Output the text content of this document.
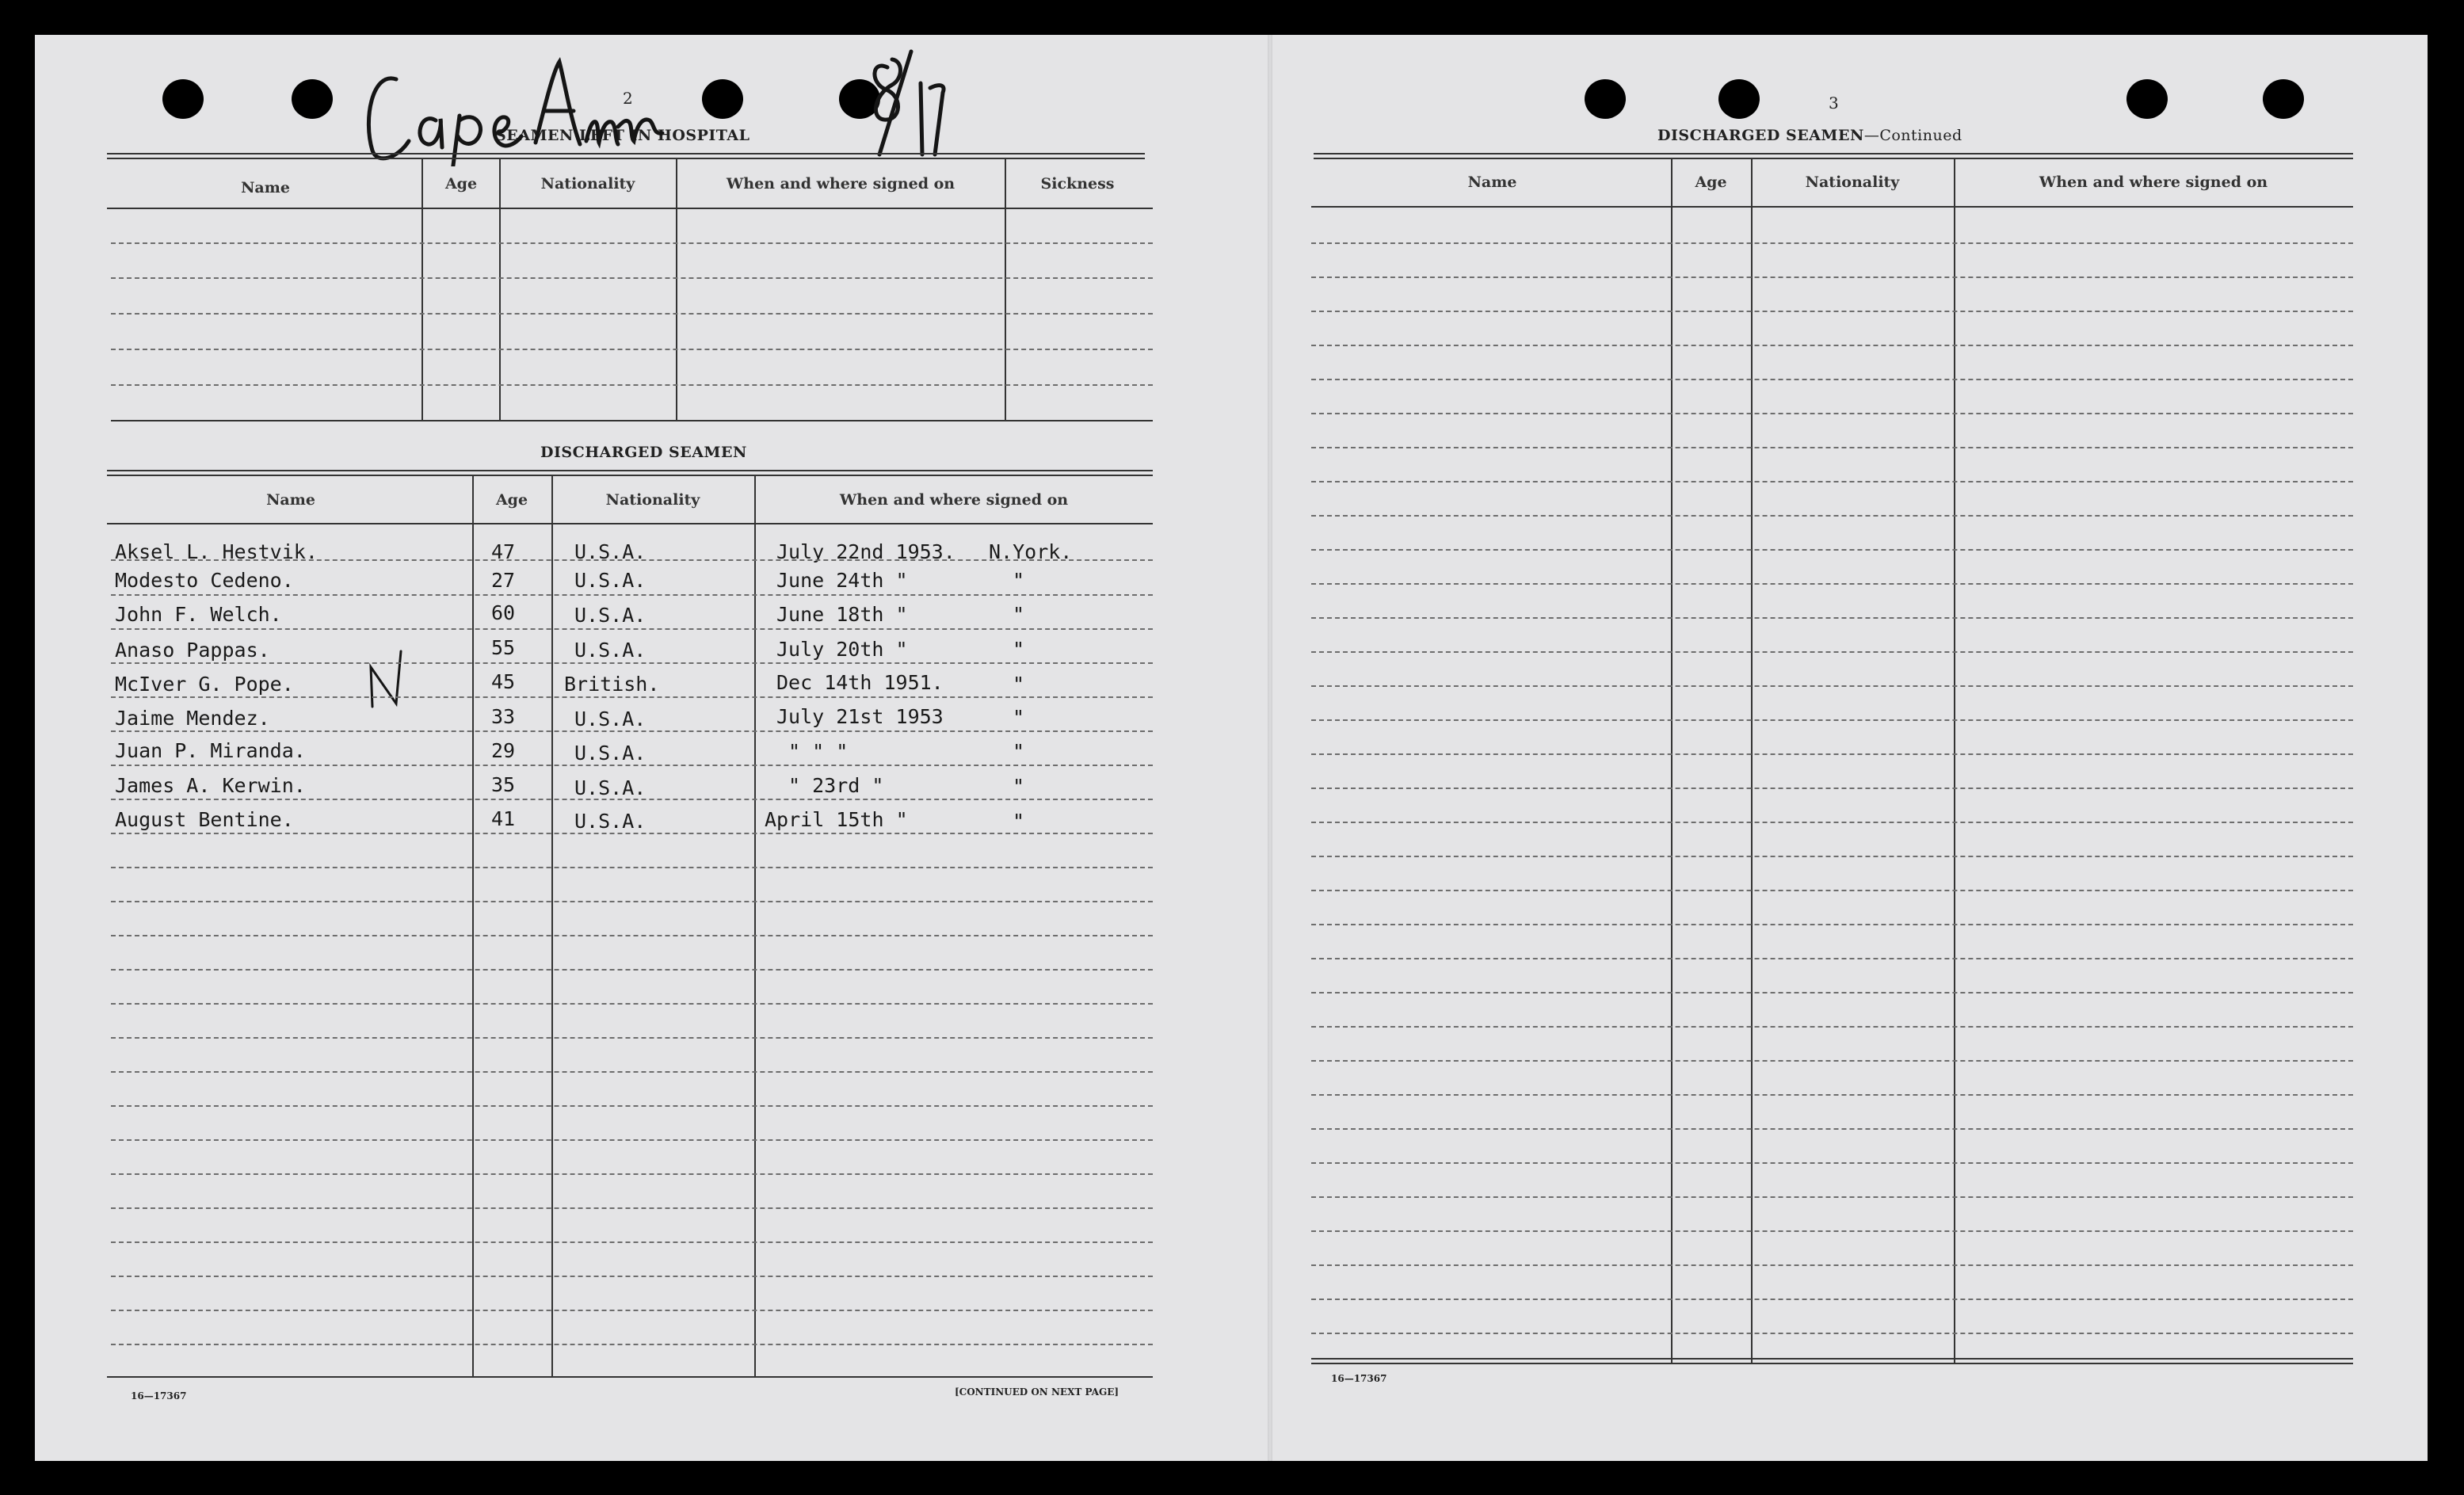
2
SEAMEN LEFT IN HOSPITAL
Name	Age	Nationality	When and where signed on	Sickness
DISCHARGED SEAMEN
Name	Age	Nationality	When and where signed on
Aksel L. Hestvik.	47	U.S.A.	July 22nd 1953. N.York.
Modesto Cedeno.	27	U.S.A.	June 24th "	"
John F. Welch.	60	U.S.A.	June 18th "	"
Anaso Pappas.	55	U.S.A.	July 20th "	"
McIver G. Pope.	45 British.	Dec 14th 1951.	"
Jaime Mendez.	33	U.S.A.	July 21st 1953	"
Juan P. Miranda.	29	U.S.A.	" " "	"
James A. Kerwin.	35	U.S.A.	" 23rd "	"
August Bentine.	41	U.S.A.	April 15th "	"
16—17367	[CONTINUED ON NEXT PAGE]
3
DISCHARGED SEAMEN—Continued
Name	Age	Nationality	When and where signed on
16—17367
